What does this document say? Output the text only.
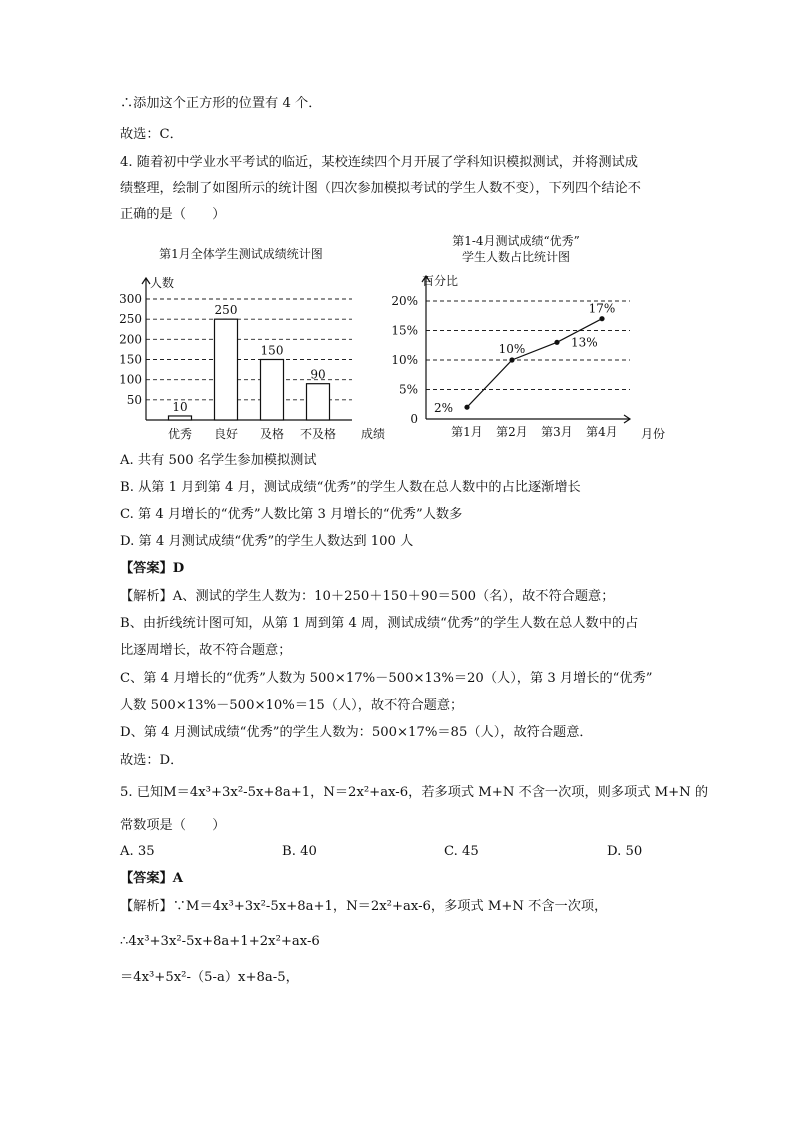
∴添加这个正方形的位置有 4 个．
故选：C．
4. 随着初中学业水平考试的临近，某校连续四个月开展了学科知识模拟测试，并将测试成
绩整理，绘制了如图所示的统计图（四次参加模拟考试的学生人数不变），下列四个结论不
正确的是（　　）
第1月全体学生测试成绩统计图
人数
50
100
150
200
250
300
10
250
150
90
优秀 良好 及格 不及格 成绩
第1-4月测试成绩“优秀”
学生人数占比统计图
百分比
0
5%
10%
15%
20%
2%
10%	13%
17%
第1月 第2月 第3月 第4月 月份
A. 共有 500 名学生参加模拟测试
B. 从第 1 月到第 4 月，测试成绩“优秀”的学生人数在总人数中的占比逐渐增长
C. 第 4 月增长的“优秀”人数比第 3 月增长的“优秀”人数多
D. 第 4 月测试成绩“优秀”的学生人数达到 100 人
【答案】D
【解析】A、测试的学生人数为：10＋250＋150＋90＝500（名），故不符合题意；
B、由折线统计图可知，从第 1 周到第 4 周，测试成绩“优秀”的学生人数在总人数中的占
比逐周增长，故不符合题意；
C、第 4 月增长的“优秀”人数为 500×17%－500×13%＝20（人），第 3 月增长的“优秀”
人数 500×13%－500×10%＝15（人），故不符合题意；
D、第 4 月测试成绩“优秀”的学生人数为：500×17%＝85（人），故符合题意．
故选：D．
5. 已知M＝4x³+3x²-5x+8a+1，N＝2x²+ax-6，若多项式 M+N 不含一次项，则多项式 M+N 的
常数项是（　　）
A. 35	B. 40	C. 45	D. 50
【答案】A
【解析】∵M＝4x³+3x²-5x+8a+1，N＝2x²+ax-6，多项式 M+N 不含一次项，
∴4x³+3x²-5x+8a+1+2x²+ax-6
＝4x³+5x²-（5-a）x+8a-5，
